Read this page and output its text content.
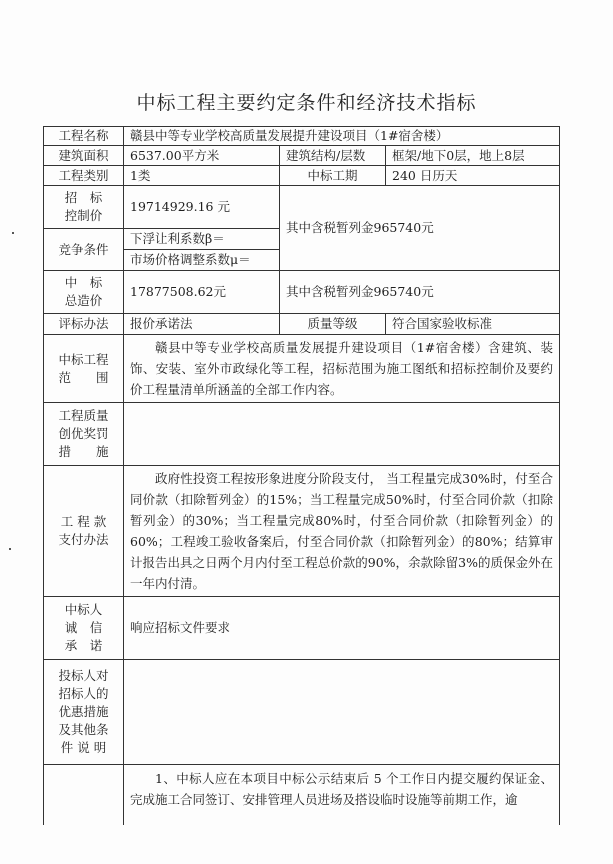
中标工程主要约定条件和经济技术指标
工程名称	赣县中等专业学校高质量发展提升建设项目（1#宿舍楼）		
建筑面积	6537.00平方米	建筑结构/层数	框架/地下0层，地上8层
工程类别	1类	中标工期	240 日历天

招　标
控制价	19714929.16 元	其中含税暂列金965740元	
竞争条件	下浮让利系数β＝		
	市场价格调整系数μ＝		

中　标
总造价	17877508.62元	其中含税暂列金965740元	
评标办法	报价承诺法	质量等级	符合国家验收标准

中标工程
范　　围	赣县中等专业学校高质量发展提升建设项目（1#宿舍楼）含建筑、装饰、安装、室外市政绿化等工程，招标范围为施工图纸和招标控制价及要约价工程量清单所涵盖的全部工作内容。		

工程质量
创优奖罚
措　　施			

工 程 款
支付办法	政府性投资工程按形象进度分阶段支付， 当工程量完成30%时，付至合同价款（扣除暂列金）的15%；当工程量完成50%时，付至合同价款（扣除暂列金）的30%；当工程量完成80%时，付至合同价款（扣除暂列金）的60%；工程竣工验收备案后，付至合同价款（扣除暂列金）的80%；结算审计报告出具之日两个月内付至工程总价款的90%，余款除留3%的质保金外在一年内付清。		

中标人
诚　信
承　诺	响应招标文件要求		

投标人对
招标人的
优惠措施
及其他条
件 说 明			

	1、中标人应在本项目中标公示结束后 5 个工作日内提交履约保证金、完成施工合同签订、安排管理人员进场及搭设临时设施等前期工作，逾		
